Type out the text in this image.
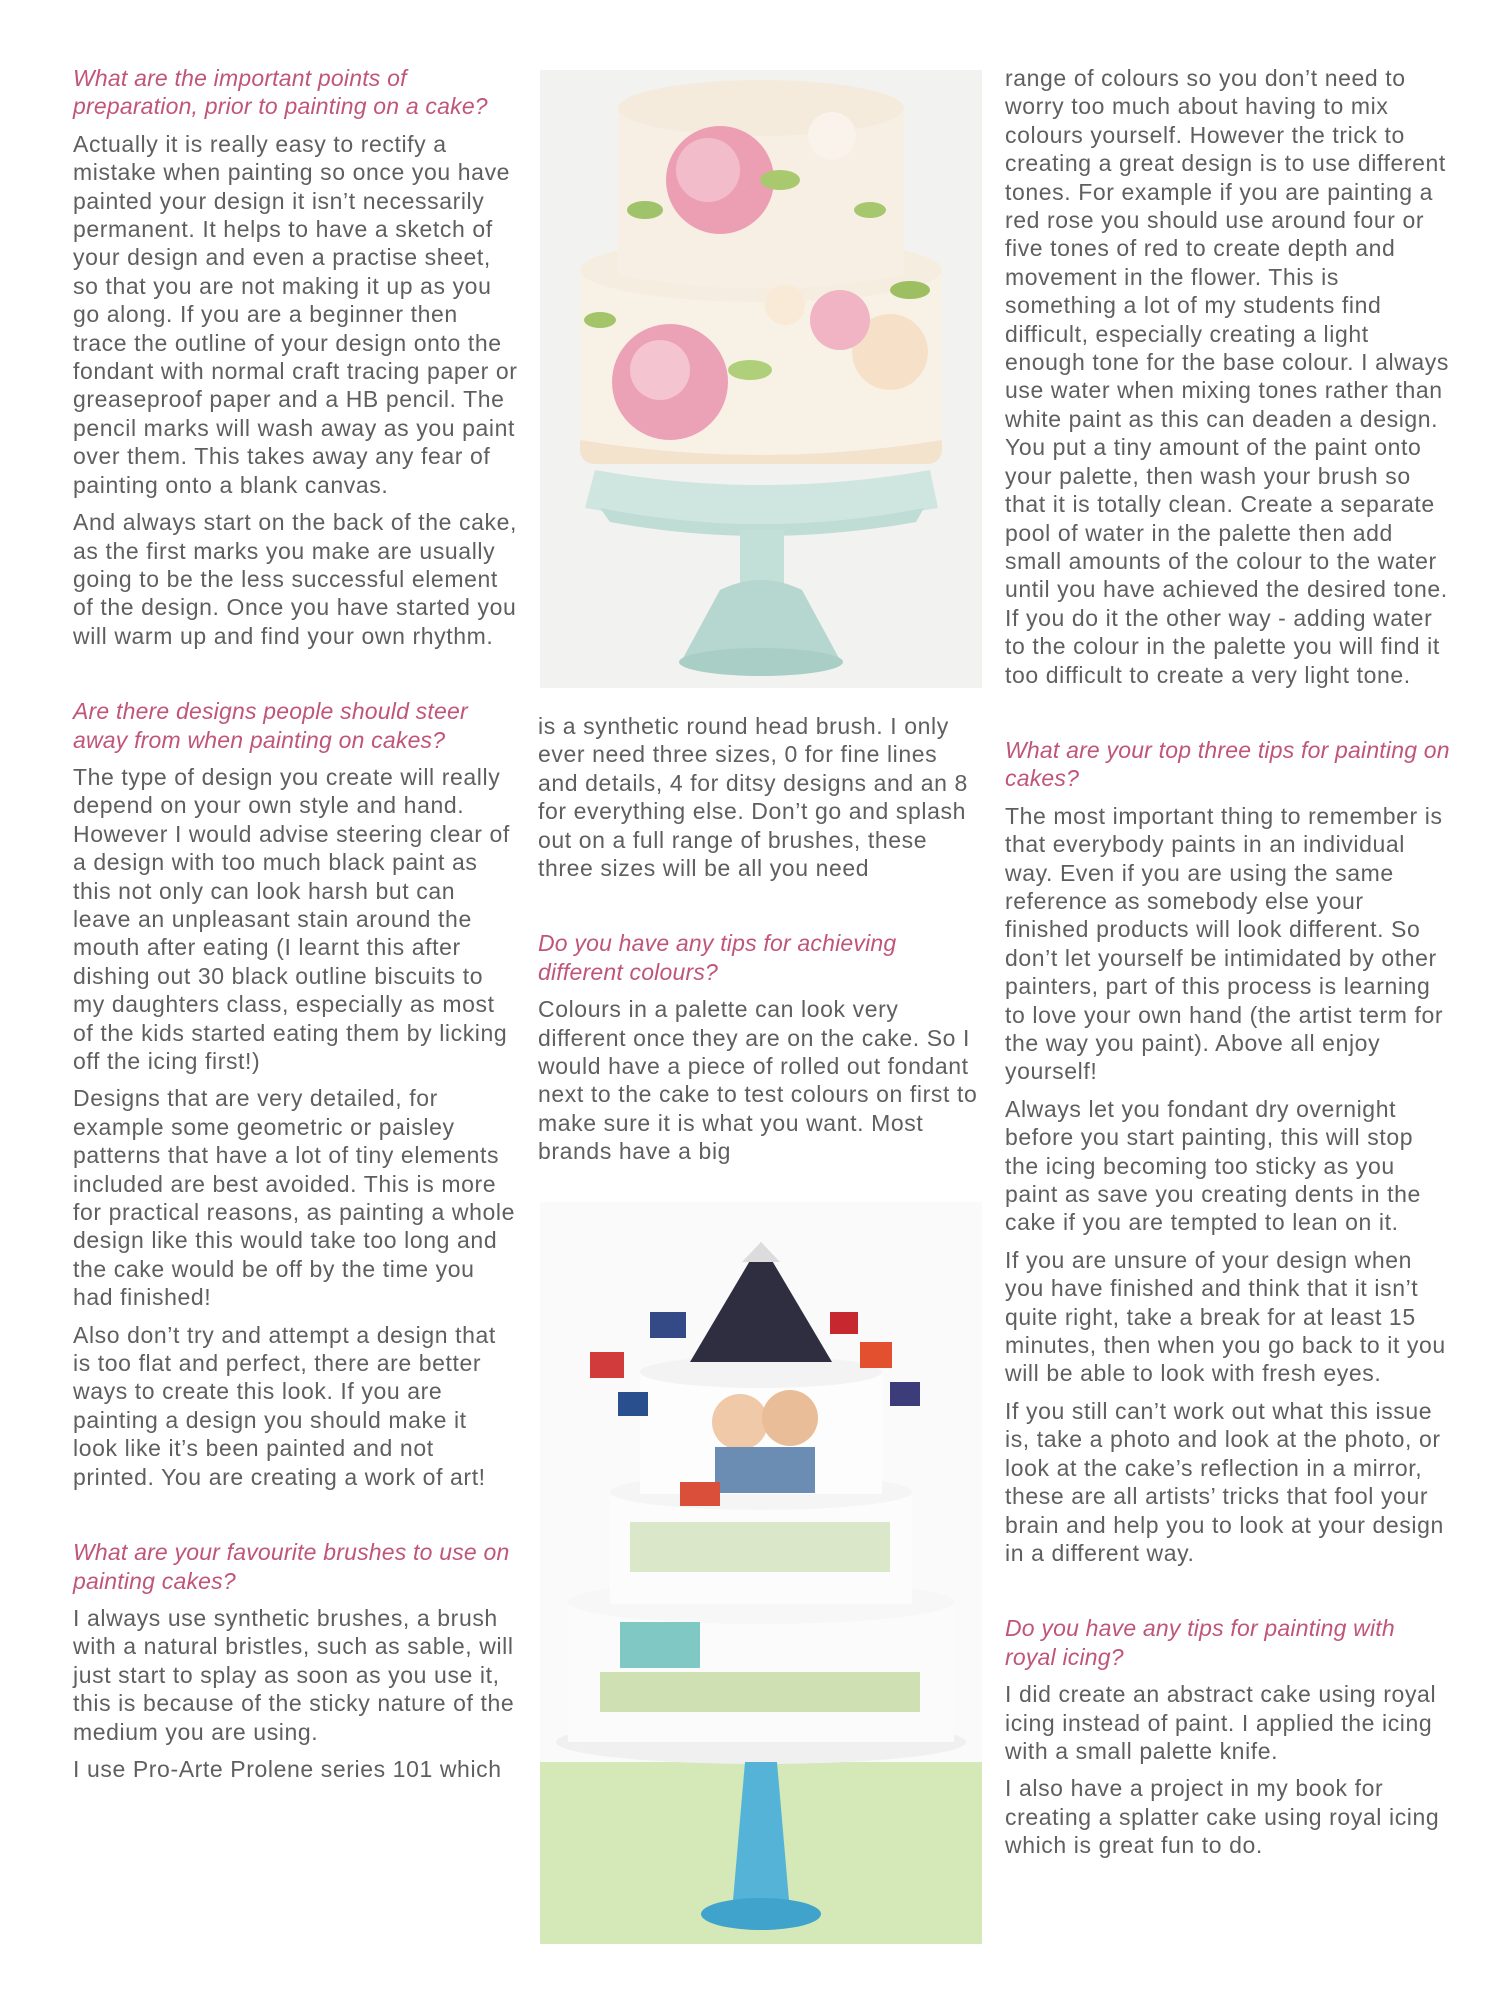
What are the important points of preparation, prior to painting on a cake?

Actually it is really easy to rectify a mistake when painting so once you have painted your design it isn’t necessarily permanent. It helps to have a sketch of your design and even a practise sheet, so that you are not making it up as you go along. If you are a beginner then trace the outline of your design onto the fondant with normal craft tracing paper or greaseproof paper and a HB pencil. The pencil marks will wash away as you paint over them. This takes away any fear of painting onto a blank canvas.

And always start on the back of the cake, as the first marks you make are usually going to be the less successful element of the design. Once you have started you will warm up and find your own rhythm.

Are there designs people should steer away from when painting on cakes?

The type of design you create will really depend on your own style and hand. However I would advise steering clear of a design with too much black paint as this not only can look harsh but can leave an unpleasant stain around the mouth after eating (I learnt this after dishing out 30 black outline biscuits to my daughters class, especially as most of the kids started eating them by licking off the icing first!)

Designs that are very detailed, for example some geometric or paisley patterns that have a lot of tiny elements included are best avoided. This is more for practical reasons, as painting a whole design like this would take too long and the cake would be off by the time you had finished!

Also don’t try and attempt a design that is too flat and perfect, there are better ways to create this look. If you are painting a design you should make it look like it’s been painted and not printed. You are creating a work of art!

What are your favourite brushes to use on painting cakes?

I always use synthetic brushes, a brush with a natural bristles, such as sable, will just start to splay as soon as you use it, this is because of the sticky nature of the medium you are using.

I use Pro-Arte Prolene series 101 which

is a synthetic round head brush. I only ever need three sizes, 0 for fine lines and details, 4 for ditsy designs and an 8 for everything else. Don’t go and splash out on a full range of brushes, these three sizes will be all you need

Do you have any tips for achieving different colours?

Colours in a palette can look very different once they are on the cake. So I would have a piece of rolled out fondant next to the cake to test colours on first to make sure it is what you want. Most brands have a big

range of colours so you don’t need to worry too much about having to mix colours yourself. However the trick to creating a great design is to use different tones. For example if you are painting a red rose you should use around four or five tones of red to create depth and movement in the flower. This is something a lot of my students find difficult, especially creating a light enough tone for the base colour. I always use water when mixing tones rather than white paint as this can deaden a design. You put a tiny amount of the paint onto your palette, then wash your brush so that it is totally clean. Create a separate pool of water in the palette then add small amounts of the colour to the water until you have achieved the desired tone. If you do it the other way - adding water to the colour in the palette you will find it too difficult to create a very light tone.

What are your top three tips for painting on cakes?

The most important thing to remember is that everybody paints in an individual way. Even if you are using the same reference as somebody else your finished products will look different. So don’t let yourself be intimidated by other painters, part of this process is learning to love your own hand (the artist term for the way you paint). Above all enjoy yourself!

Always let you fondant dry overnight before you start painting, this will stop the icing becoming too sticky as you paint as save you creating dents in the cake if you are tempted to lean on it.

If you are unsure of your design when you have finished and think that it isn’t quite right, take a break for at least 15 minutes, then when you go back to it you will be able to look with fresh eyes.

If you still can’t work out what this issue is, take a photo and look at the photo, or look at the cake’s reflection in a mirror, these are all artists’ tricks that fool your brain and help you to look at your design in a different way.

Do you have any tips for painting with royal icing?

I did create an abstract cake using royal icing instead of paint. I applied the icing with a small palette knife.

I also have a project in my book for creating a splatter cake using royal icing which is great fun to do.
